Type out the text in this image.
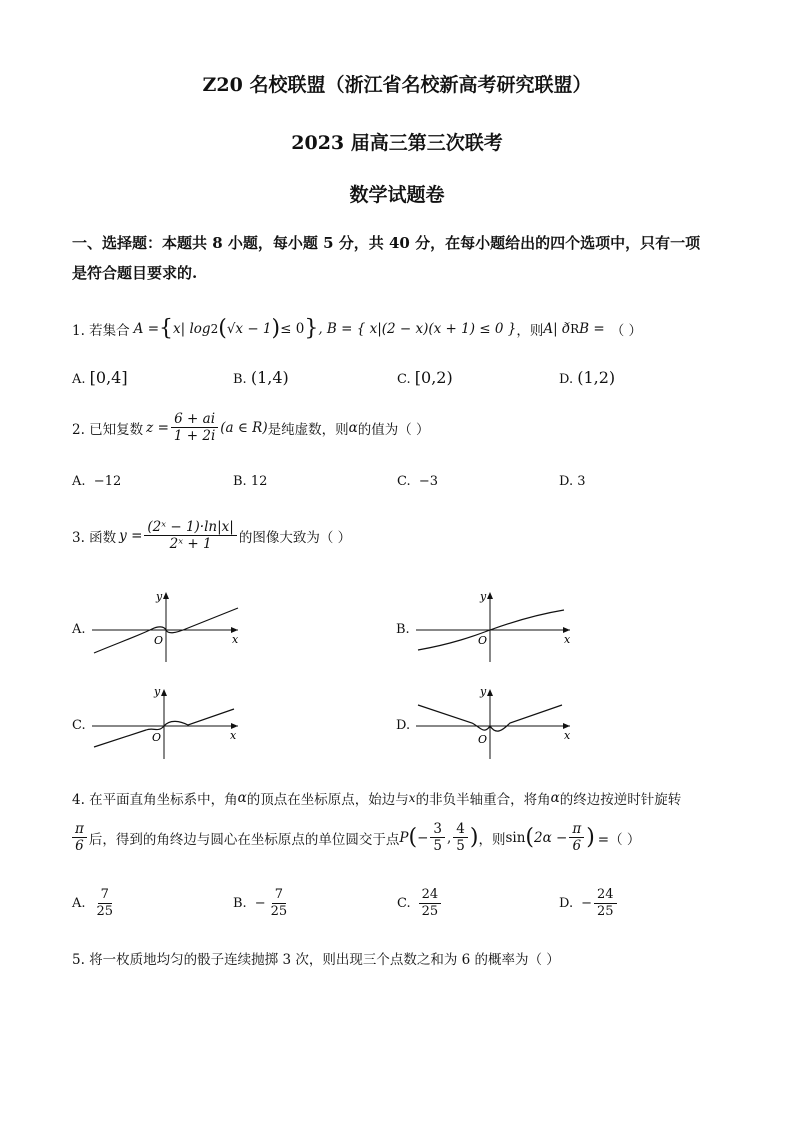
Z20 名校联盟（浙江省名校新高考研究联盟）
2023 届高三第三次联考
数学试题卷
一、选择题：本题共 8 小题，每小题 5 分，共 40 分，在每小题给出的四个选项中，只有一项
是符合题目要求的.
1. 若集合 A = { x| log 2 ( √x − 1 ) ≤ 0 } , B = { x|(2 − x)(x + 1) ≤ 0 } ，则 A| ð R B = （ ）
A. [0,4]	B. (1,4)	C. [0,2)	D. (1,2)
2. 已知复数 $z = \frac{6 + ai}{1 + 2i} (a$ ∈ R) 是纯虚数，则 α 的值为（ ）
A. −12	B. 12	C. −3	D. 3
3. 函数 $y = \frac{\text{(2ˣ − 1)·ln|x|}}{\text{2ˣ + 1}}$ 的图像大致为（ ）
A.
y
x
O
B.
y
x
O
C.
y
x
O
D.
y
x
O
4. 在平面直角坐标系中，角 α 的顶点在坐标原点，始边与 x 的非负半轴重合，将角 α 的终边按逆时针旋转
$\frac{\pi}{6}$ 后，得到的角终边与圆心在坐标原点的单位圆交于点 P ( − $\frac{3}{5}$ , $\frac{4}{5}$ ) ，则 sin ( $2\alpha - \frac{\pi}{6}$ ) =（ ）
A. $\frac{7}{25}$	B. − $\frac{7}{25}$	C. $\frac{24}{25}$	D. − $\frac{24}{25}$
5. 将一枚质地均匀的骰子连续抛掷 3 次，则出现三个点数之和为 6 的概率为（ ）
